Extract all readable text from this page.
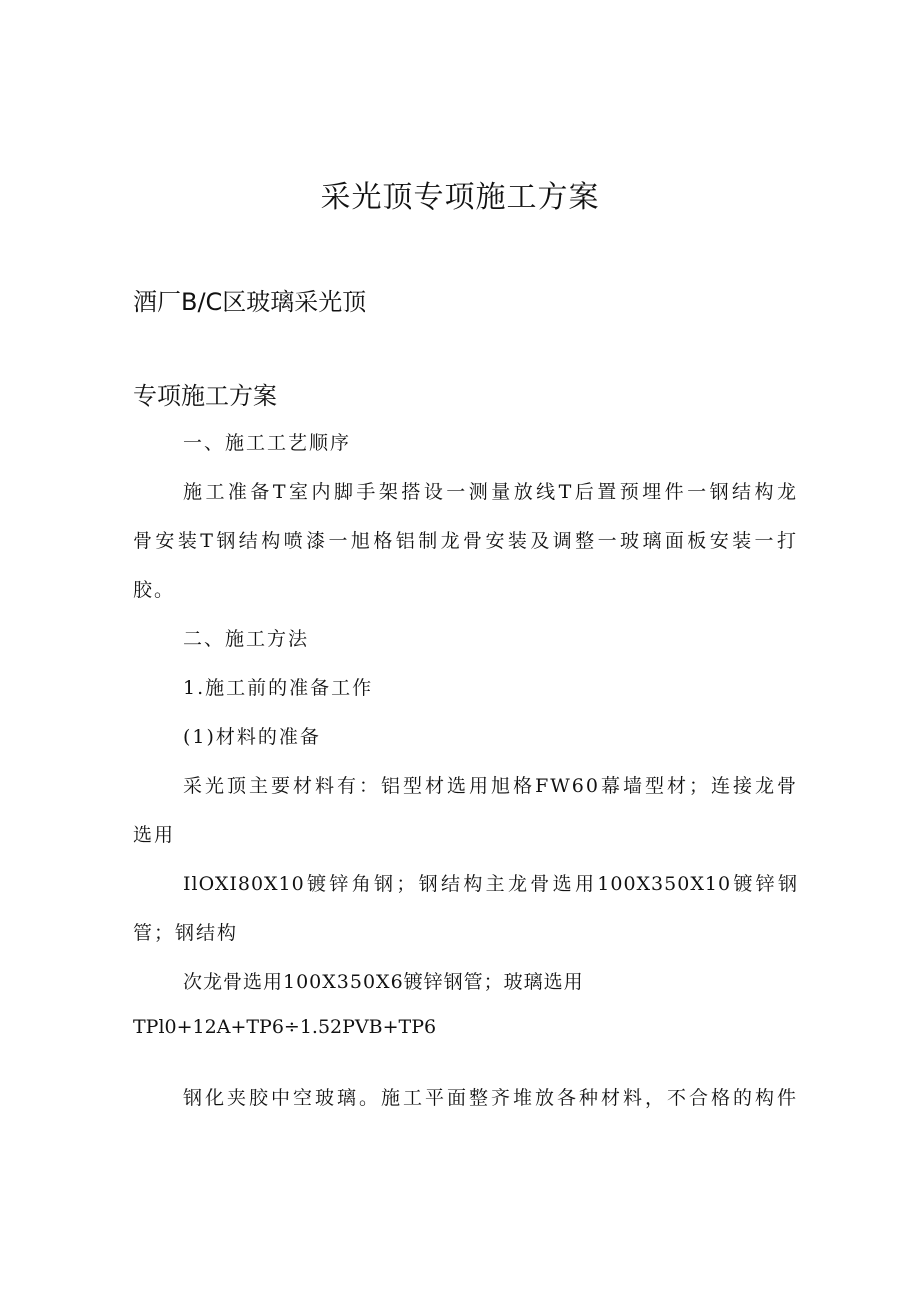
采光顶专项施工方案
酒厂B/C区玻璃采光顶
专项施工方案

一、施工工艺顺序

施工准备T室内脚手架搭设一测量放线T后置预埋件一钢结构龙

骨安装T钢结构喷漆一旭格铝制龙骨安装及调整一玻璃面板安装一打

胶。

二、施工方法

1.施工前的准备工作

(1)材料的准备

采光顶主要材料有：铝型材选用旭格FW60幕墙型材；连接龙骨

选用

IlOXI80X10镀锌角钢；钢结构主龙骨选用100X350X10镀锌钢

管；钢结构

次龙骨选用100X350X6镀锌钢管；玻璃选用

TPl0+12A+TP6÷1.52PVB+TP6

钢化夹胶中空玻璃。施工平面整齐堆放各种材料，不合格的构件
